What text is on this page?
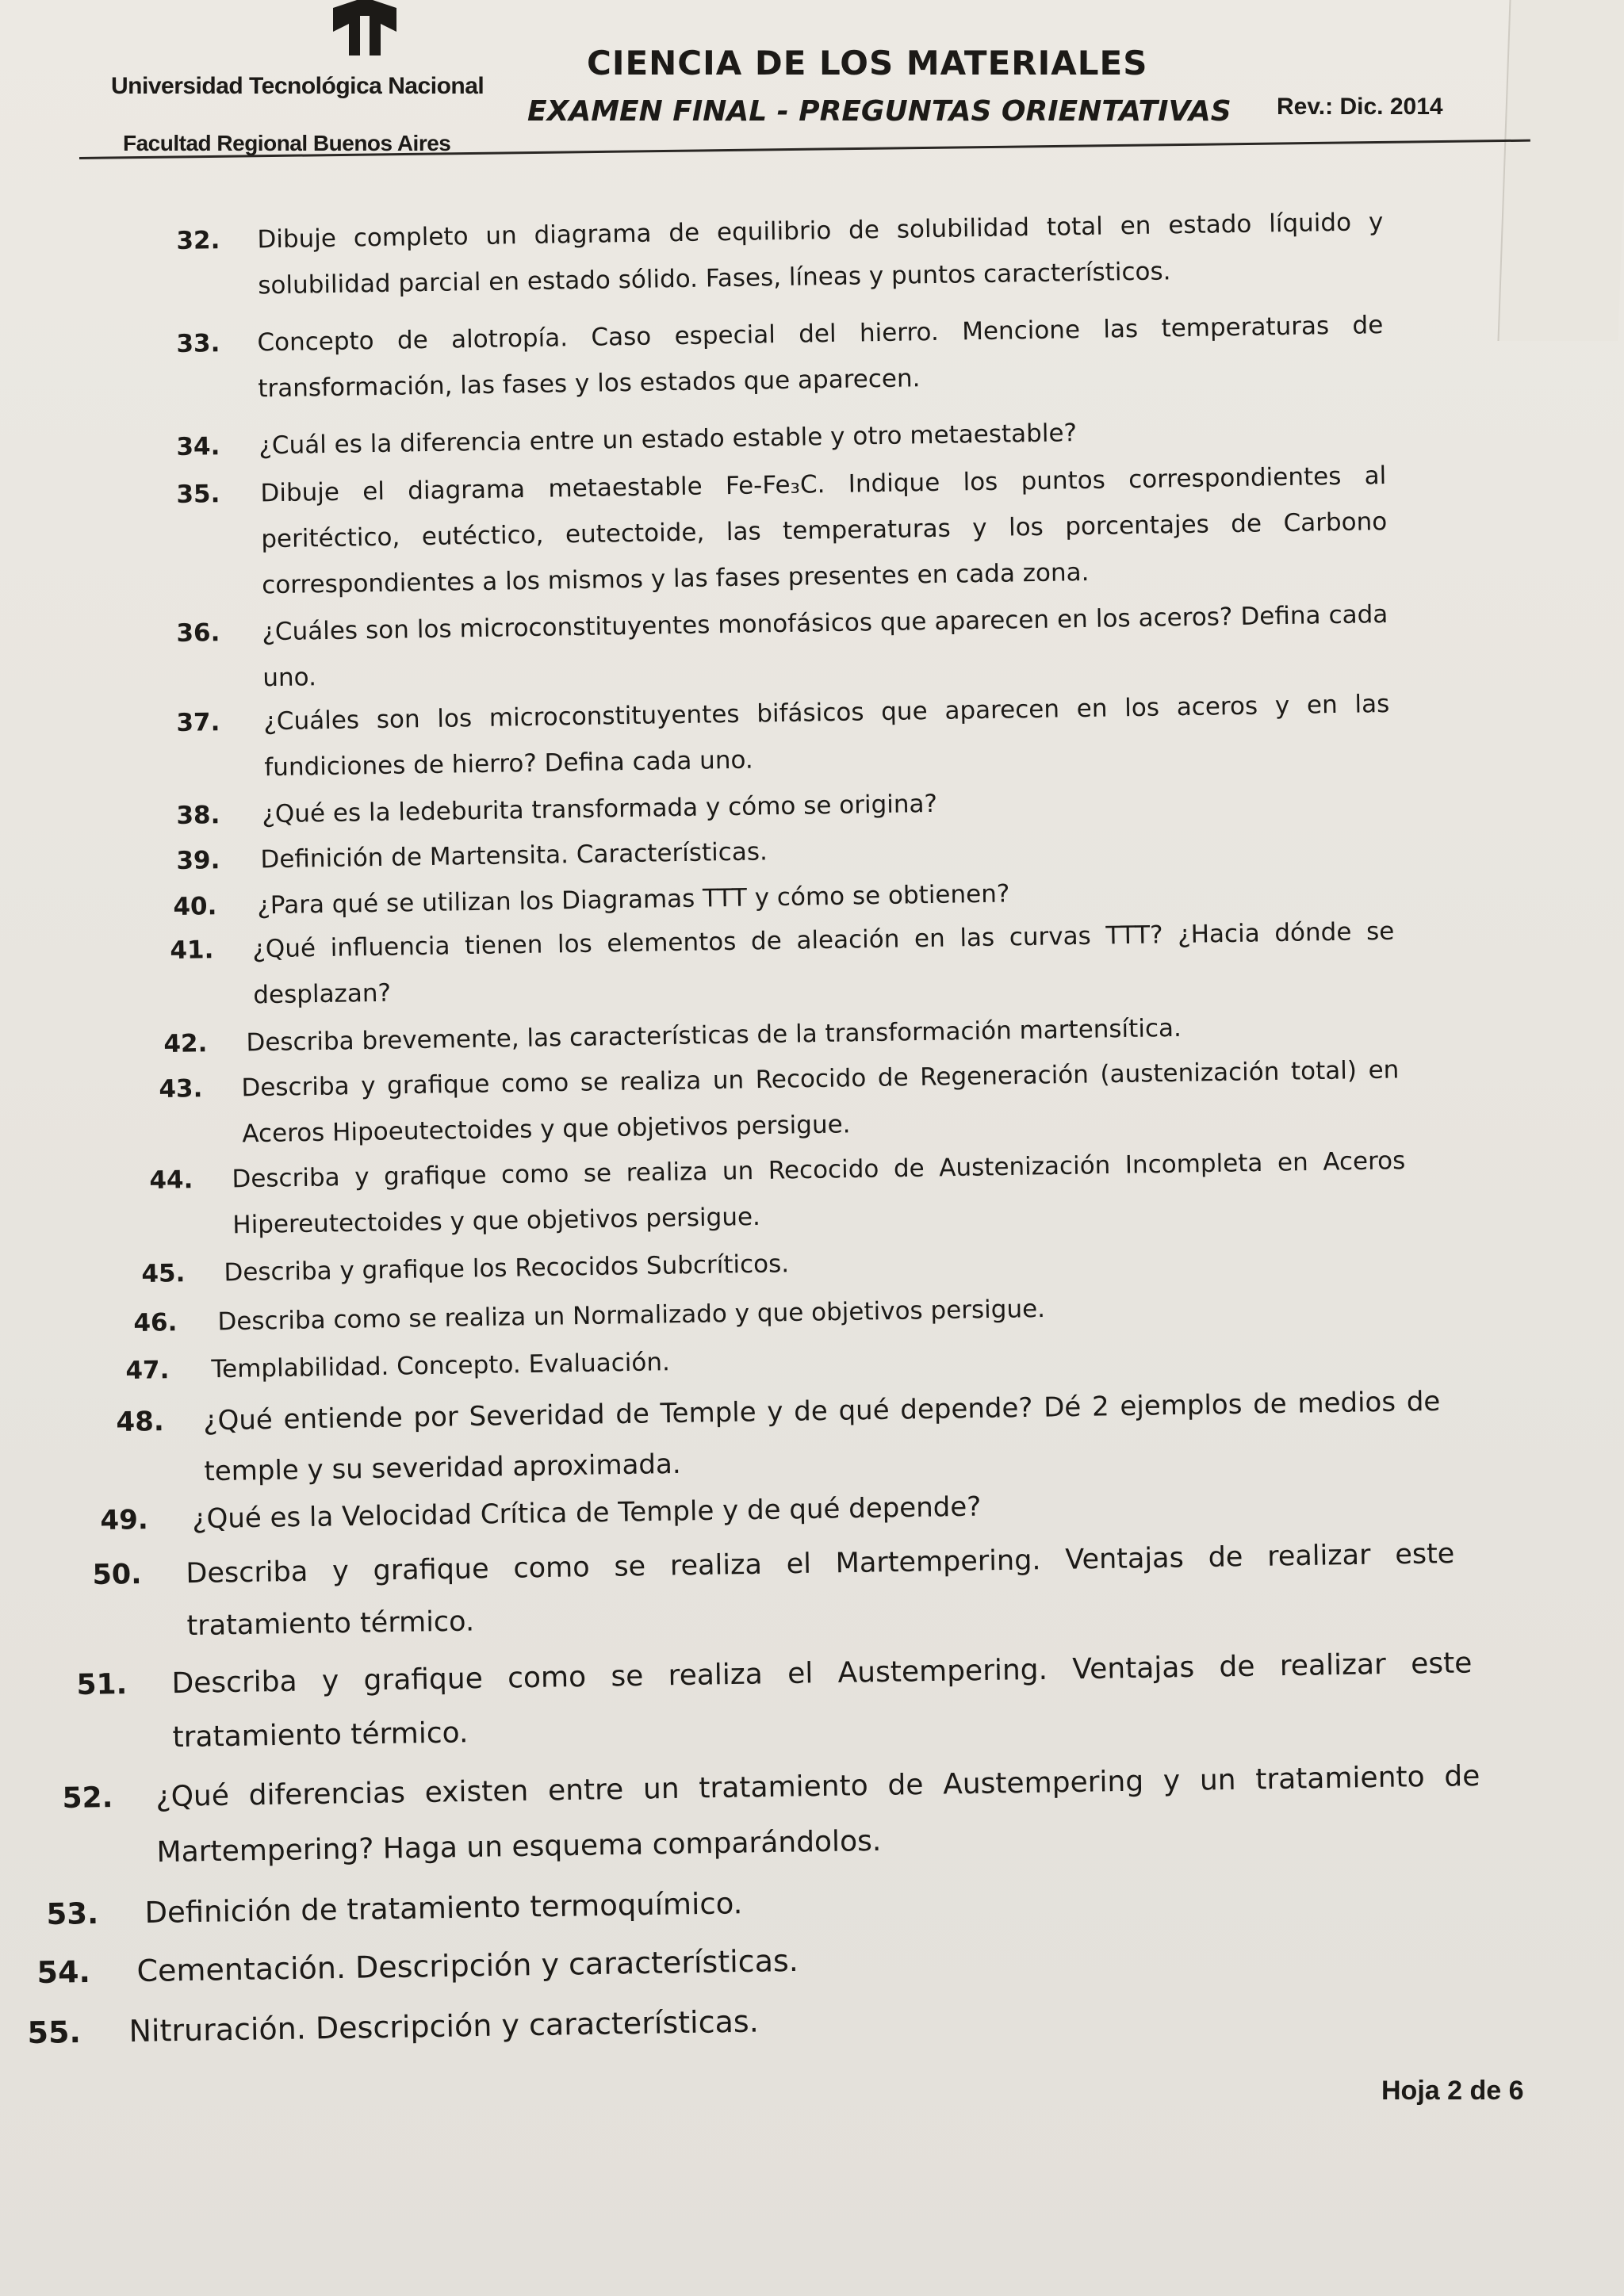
Universidad Tecnológica Nacional
Facultad Regional Buenos Aires
CIENCIA DE LOS MATERIALES
EXAMEN FINAL - PREGUNTAS ORIENTATIVAS Rev.: Dic. 2014
32. Dibuje completo un diagrama de equilibrio de solubilidad total en estado líquido y solubilidad parcial en estado sólido. Fases, líneas y puntos característicos.
33. Concepto de alotropía. Caso especial del hierro. Mencione las temperaturas de transformación, las fases y los estados que aparecen.
34. ¿Cuál es la diferencia entre un estado estable y otro metaestable?
35. Dibuje el diagrama metaestable Fe-Fe₃C. Indique los puntos correspondientes al peritéctico, eutéctico, eutectoide, las temperaturas y los porcentajes de Carbono correspondientes a los mismos y las fases presentes en cada zona.
36. ¿Cuáles son los microconstituyentes monofásicos que aparecen en los aceros? Defina cada uno.
37. ¿Cuáles son los microconstituyentes bifásicos que aparecen en los aceros y en las fundiciones de hierro? Defina cada uno.
38. ¿Qué es la ledeburita transformada y cómo se origina?
39. Definición de Martensita. Características.
40. ¿Para qué se utilizan los Diagramas TTT y cómo se obtienen?
41. ¿Qué influencia tienen los elementos de aleación en las curvas TTT? ¿Hacia dónde se desplazan?
42. Describa brevemente, las características de la transformación martensítica.
43. Describa y grafique como se realiza un Recocido de Regeneración (austenización total) en Aceros Hipoeutectoides y que objetivos persigue.
44. Describa y grafique como se realiza un Recocido de Austenización Incompleta en Aceros Hipereutectoides y que objetivos persigue.
45. Describa y grafique los Recocidos Subcríticos.
46. Describa como se realiza un Normalizado y que objetivos persigue.
47. Templabilidad. Concepto. Evaluación.
48. ¿Qué entiende por Severidad de Temple y de qué depende? Dé 2 ejemplos de medios de temple y su severidad aproximada.
49. ¿Qué es la Velocidad Crítica de Temple y de qué depende?
50. Describa y grafique como se realiza el Martempering. Ventajas de realizar este tratamiento térmico.
51. Describa y grafique como se realiza el Austempering. Ventajas de realizar este tratamiento térmico.
52. ¿Qué diferencias existen entre un tratamiento de Austempering y un tratamiento de Martempering? Haga un esquema comparándolos.
53. Definición de tratamiento termoquímico.
54. Cementación. Descripción y características.
55. Nitruración. Descripción y características.
Hoja 2 de 6
